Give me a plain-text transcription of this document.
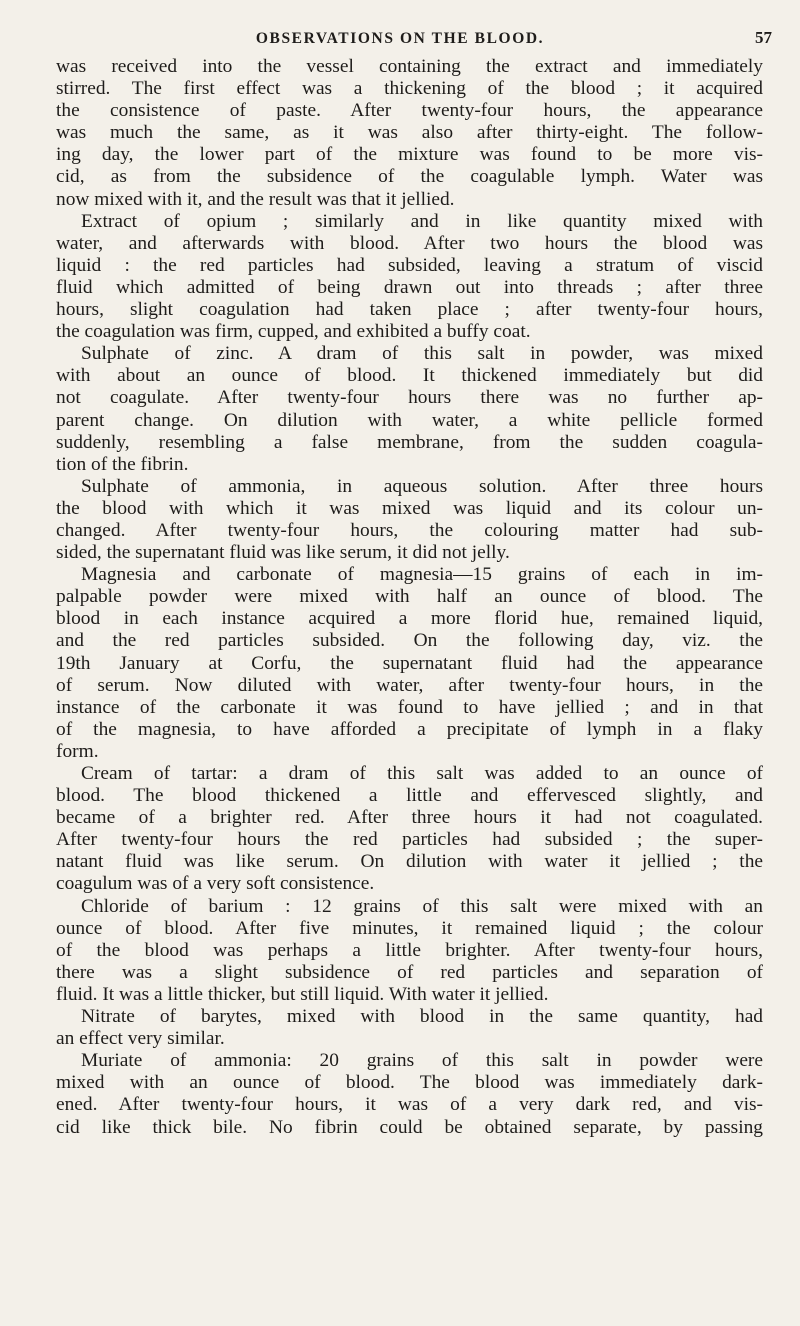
OBSERVATIONS ON THE BLOOD.	57
was received into the vessel containing the extract and immediately
stirred. The first effect was a thickening of the blood ; it acquired
the consistence of paste. After twenty-four hours, the appearance
was much the same, as it was also after thirty-eight. The follow-
ing day, the lower part of the mixture was found to be more vis-
cid, as from the subsidence of the coagulable lymph. Water was
now mixed with it, and the result was that it jellied.
Extract of opium ; similarly and in like quantity mixed with
water, and afterwards with blood. After two hours the blood was
liquid : the red particles had subsided, leaving a stratum of viscid
fluid which admitted of being drawn out into threads ; after three
hours, slight coagulation had taken place ; after twenty-four hours,
the coagulation was firm, cupped, and exhibited a buffy coat.
Sulphate of zinc. A dram of this salt in powder, was mixed
with about an ounce of blood. It thickened immediately but did
not coagulate. After twenty-four hours there was no further ap-
parent change. On dilution with water, a white pellicle formed
suddenly, resembling a false membrane, from the sudden coagula-
tion of the fibrin.
Sulphate of ammonia, in aqueous solution. After three hours
the blood with which it was mixed was liquid and its colour un-
changed. After twenty-four hours, the colouring matter had sub-
sided, the supernatant fluid was like serum, it did not jelly.
Magnesia and carbonate of magnesia—15 grains of each in im-
palpable powder were mixed with half an ounce of blood. The
blood in each instance acquired a more florid hue, remained liquid,
and the red particles subsided. On the following day, viz. the
19th January at Corfu, the supernatant fluid had the appearance
of serum. Now diluted with water, after twenty-four hours, in the
instance of the carbonate it was found to have jellied ; and in that
of the magnesia, to have afforded a precipitate of lymph in a flaky
form.
Cream of tartar: a dram of this salt was added to an ounce of
blood. The blood thickened a little and effervesced slightly, and
became of a brighter red. After three hours it had not coagulated.
After twenty-four hours the red particles had subsided ; the super-
natant fluid was like serum. On dilution with water it jellied ; the
coagulum was of a very soft consistence.
Chloride of barium : 12 grains of this salt were mixed with an
ounce of blood. After five minutes, it remained liquid ; the colour
of the blood was perhaps a little brighter. After twenty-four hours,
there was a slight subsidence of red particles and separation of
fluid. It was a little thicker, but still liquid. With water it jellied.
Nitrate of barytes, mixed with blood in the same quantity, had
an effect very similar.
Muriate of ammonia: 20 grains of this salt in powder were
mixed with an ounce of blood. The blood was immediately dark-
ened. After twenty-four hours, it was of a very dark red, and vis-
cid like thick bile. No fibrin could be obtained separate, by passing
